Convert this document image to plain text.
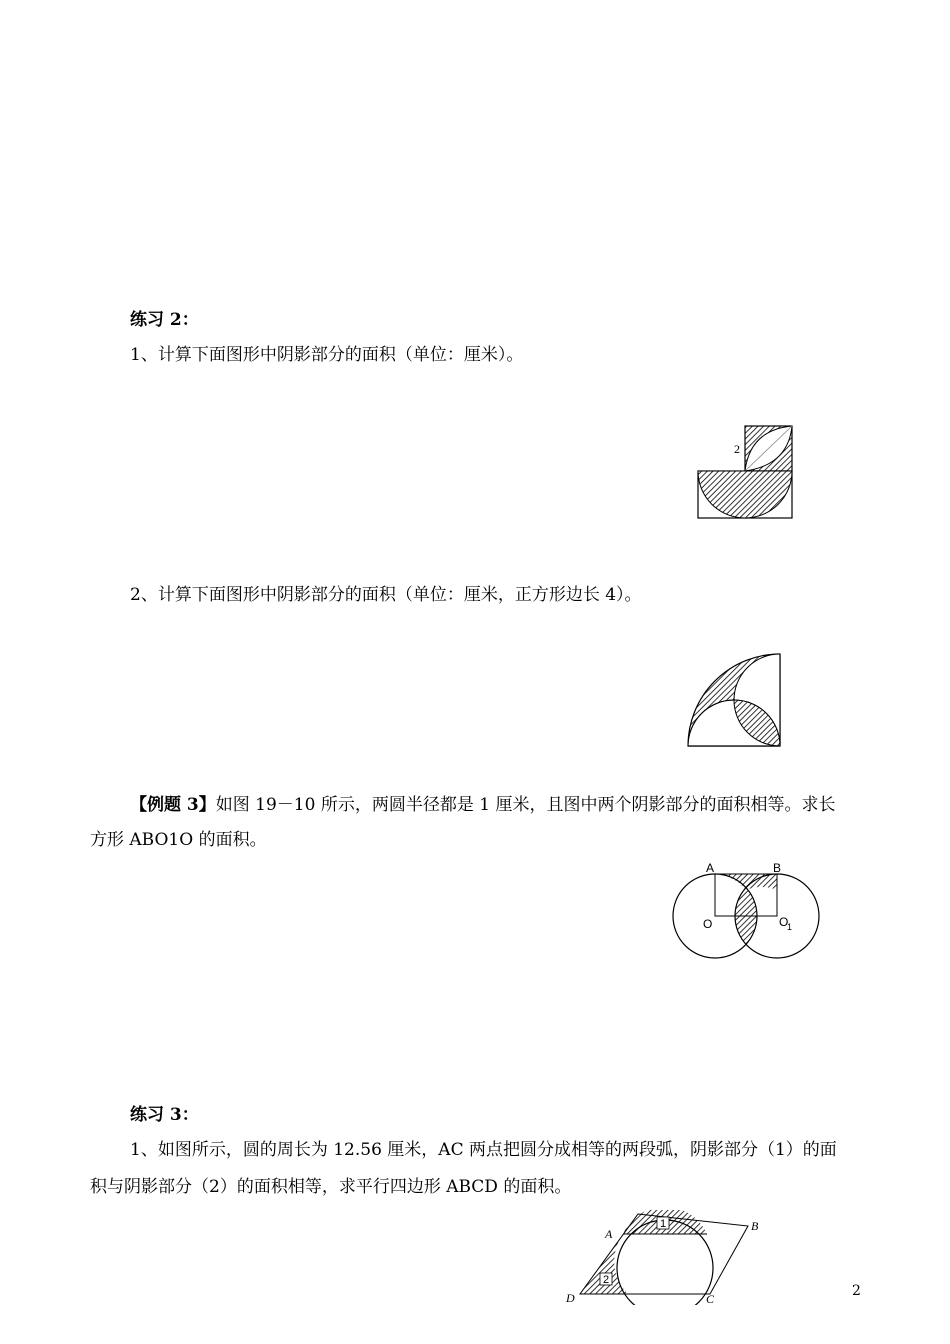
练习 2：
1、计算下面图形中阴影部分的面积（单位：厘米）。
2
2、计算下面图形中阴影部分的面积（单位：厘米，正方形边长 4）。
【例题 3】如图 19－10 所示，两圆半径都是 1 厘米，且图中两个阴影部分的面积相等。求长
方形 ABO1O 的面积。
A	B
O	O
1
练习 3：
1、如图所示，圆的周长为 12.56 厘米，AC 两点把圆分成相等的两段弧，阴影部分（1）的面
积与阴影部分（2）的面积相等，求平行四边形 ABCD 的面积。
1
2
A
B
C
D	2
